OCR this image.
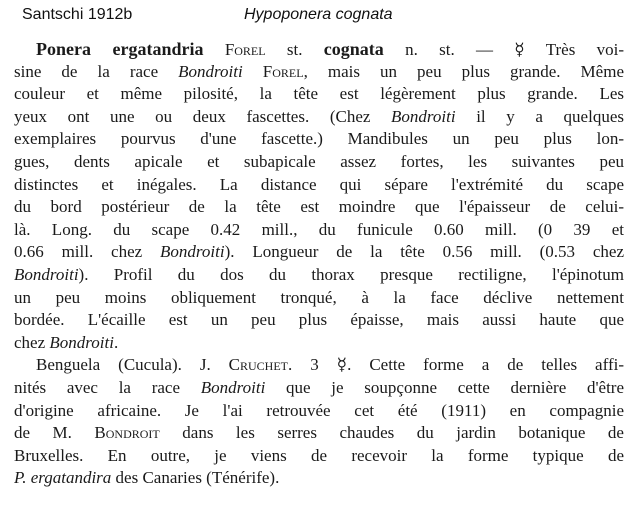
Santschi 1912b	Hypoponera cognata
Ponera ergatandria Forel st. cognata n. st. — ☿ Très voi-
sine de la race Bondroiti Forel, mais un peu plus grande. Même
couleur et même pilosité, la tête est légèrement plus grande. Les
yeux ont une ou deux fascettes. (Chez Bondroiti il y a quelques
exemplaires pourvus d'une fascette.) Mandibules un peu plus lon-
gues, dents apicale et subapicale assez fortes, les suivantes peu
distinctes et inégales. La distance qui sépare l'extrémité du scape
du bord postérieur de la tête est moindre que l'épaisseur de celui-
là. Long. du scape 0.42 mill., du funicule 0.60 mill. (0 39 et
0.66 mill. chez Bondroiti). Longueur de la tête 0.56 mill. (0.53 chez
Bondroiti). Profil du dos du thorax presque rectiligne, l'épinotum
un peu moins obliquement tronqué, à la face déclive nettement
bordée. L'écaille est un peu plus épaisse, mais aussi haute que
chez Bondroiti.
Benguela (Cucula). J. Cruchet. 3 ☿. Cette forme a de telles affi-
nités avec la race Bondroiti que je soupçonne cette dernière d'être
d'origine africaine. Je l'ai retrouvée cet été (1911) en compagnie
de M. Bondroit dans les serres chaudes du jardin botanique de
Bruxelles. En outre, je viens de recevoir la forme typique de
P. ergatandira des Canaries (Ténérife).
